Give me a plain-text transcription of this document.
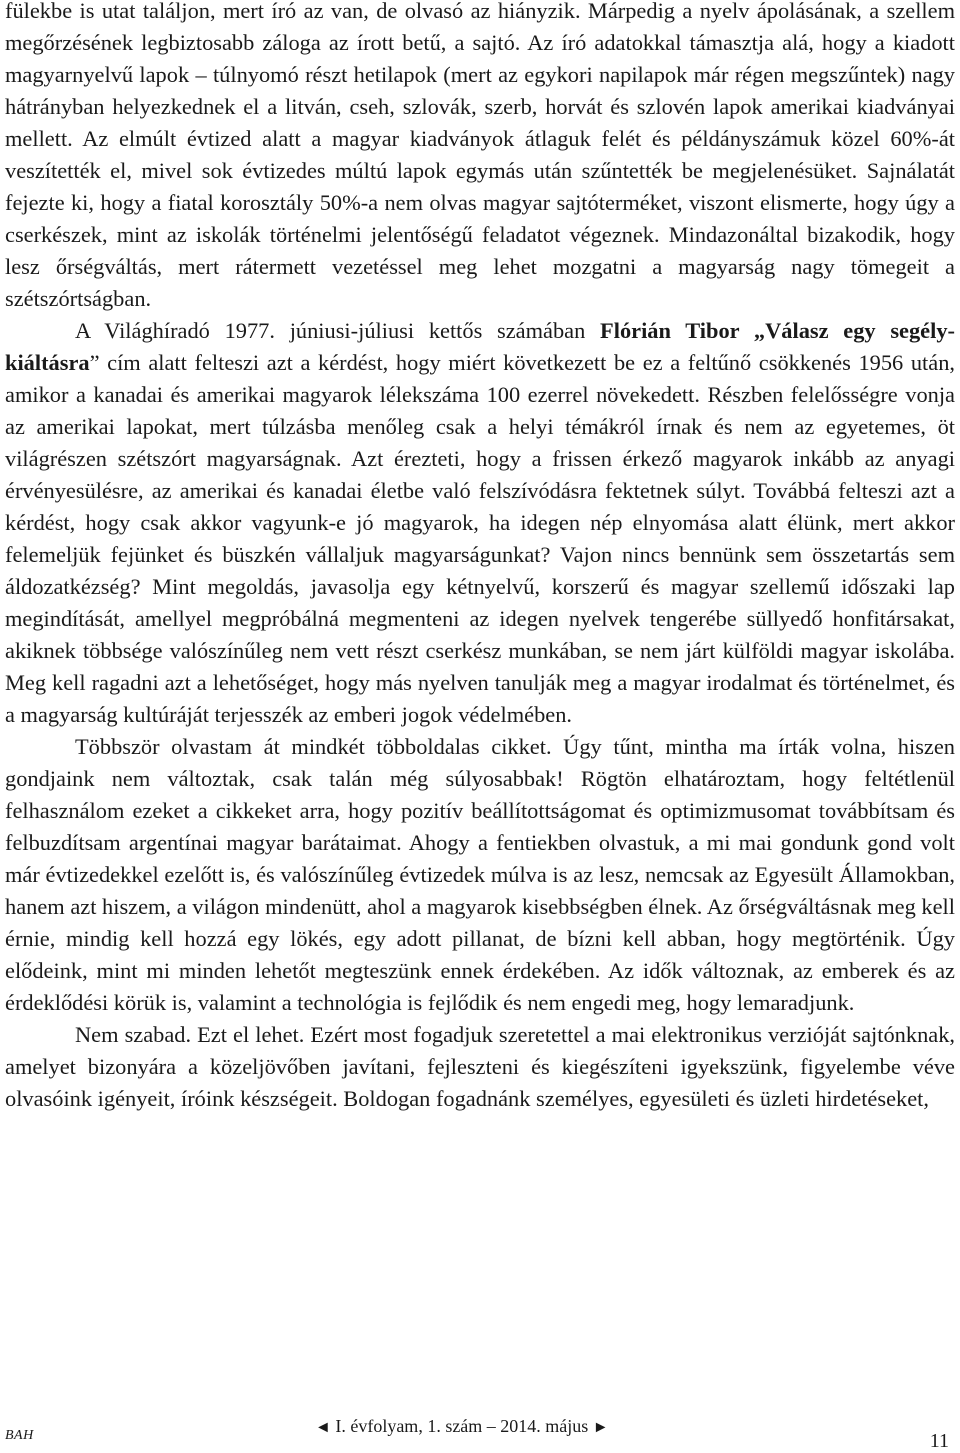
fülekbe is utat találjon, mert író az van, de olvasó az hiányzik. Márpedig a nyelv ápolásának, a szellem megőrzésének legbiztosabb záloga az írott betű, a sajtó. Az író adatokkal támasztja alá, hogy a kiadott magyarnyelvű lapok – túlnyomó részt hetilapok (mert az egykori napilapok már régen megszűntek) nagy hátrányban helyezkednek el a litván, cseh, szlovák, szerb, horvát és szlovén lapok amerikai kiadványai mellett. Az elmúlt évtized alatt a magyar kiadványok átlaguk felét és példányszámuk közel 60%-át veszítették el, mivel sok évtizedes múltú lapok egymás után szűntették be megjelenésüket. Sajnálatát fejezte ki, hogy a fiatal korosztály 50%-a nem olvas magyar sajtóterméket, viszont elismerte, hogy úgy a cserkészek, mint az iskolák történelmi jelentőségű feladatot végeznek. Mindazonáltal bizakodik, hogy lesz őrségváltás, mert rátermett vezetéssel meg lehet mozgatni a magyarság nagy tömegeit a szétszórtságban.

A Világhíradó 1977. júniusi-júliusi kettős számában Flórián Tibor „Válasz egy segély-kiáltásra” cím alatt felteszi azt a kérdést, hogy miért következett be ez a feltűnő csökkenés 1956 után, amikor a kanadai és amerikai magyarok lélekszáma 100 ezerrel növekedett. Részben felelősségre vonja az amerikai lapokat, mert túlzásba menőleg csak a helyi témákról írnak és nem az egyetemes, öt világrészen szétszórt magyarságnak. Azt érezteti, hogy a frissen érkező magyarok inkább az anyagi érvényesülésre, az amerikai és kanadai életbe való felszívódásra fektetnek súlyt. Továbbá felteszi azt a kérdést, hogy csak akkor vagyunk-e jó magyarok, ha idegen nép elnyomása alatt élünk, mert akkor felemeljük fejünket és büszkén vállaljuk magyarságunkat? Vajon nincs bennünk sem összetartás sem áldozatkézség? Mint megoldás, javasolja egy kétnyelvű, korszerű és magyar szellemű időszaki lap megindítását, amellyel megpróbálná megmenteni az idegen nyelvek tengerébe süllyedő honfitársakat, akiknek többsége valószínűleg nem vett részt cserkész munkában, se nem járt külföldi magyar iskolába. Meg kell ragadni azt a lehetőséget, hogy más nyelven tanulják meg a magyar irodalmat és történelmet, és a magyarság kultúráját terjesszék az emberi jogok védelmében.

Többször olvastam át mindkét többoldalas cikket. Úgy tűnt, mintha ma írták volna, hiszen gondjaink nem változtak, csak talán még súlyosabbak! Rögtön elhatároztam, hogy feltétlenül felhasználom ezeket a cikkeket arra, hogy pozitív beállítottságomat és optimizmusomat továbbítsam és felbuzdítsam argentínai magyar barátaimat. Ahogy a fentiekben olvastuk, a mi mai gondunk gond volt már évtizedekkel ezelőtt is, és valószínűleg évtizedek múlva is az lesz, nemcsak az Egyesült Államokban, hanem azt hiszem, a világon mindenütt, ahol a magyarok kisebbségben élnek. Az őrségváltásnak meg kell érnie, mindig kell hozzá egy lökés, egy adott pillanat, de bízni kell abban, hogy megtörténik. Úgy elődeink, mint mi minden lehetőt megteszünk ennek érdekében. Az idők változnak, az emberek és az érdeklődési körük is, valamint a technológia is fejlődik és nem engedi meg, hogy lemaradjunk.

Nem szabad. Ezt el lehet. Ezért most fogadjuk szeretettel a mai elektronikus verzióját sajtónknak, amelyet bizonyára a közeljövőben javítani, fejleszteni és kiegészíteni igyekszünk, figyelembe véve olvasóink igényeit, íróink készségeit. Boldogan fogadnánk személyes, egyesületi és üzleti hirdetéseket,

BAH	◄ I. évfolyam, 1. szám – 2014. május ►
11
